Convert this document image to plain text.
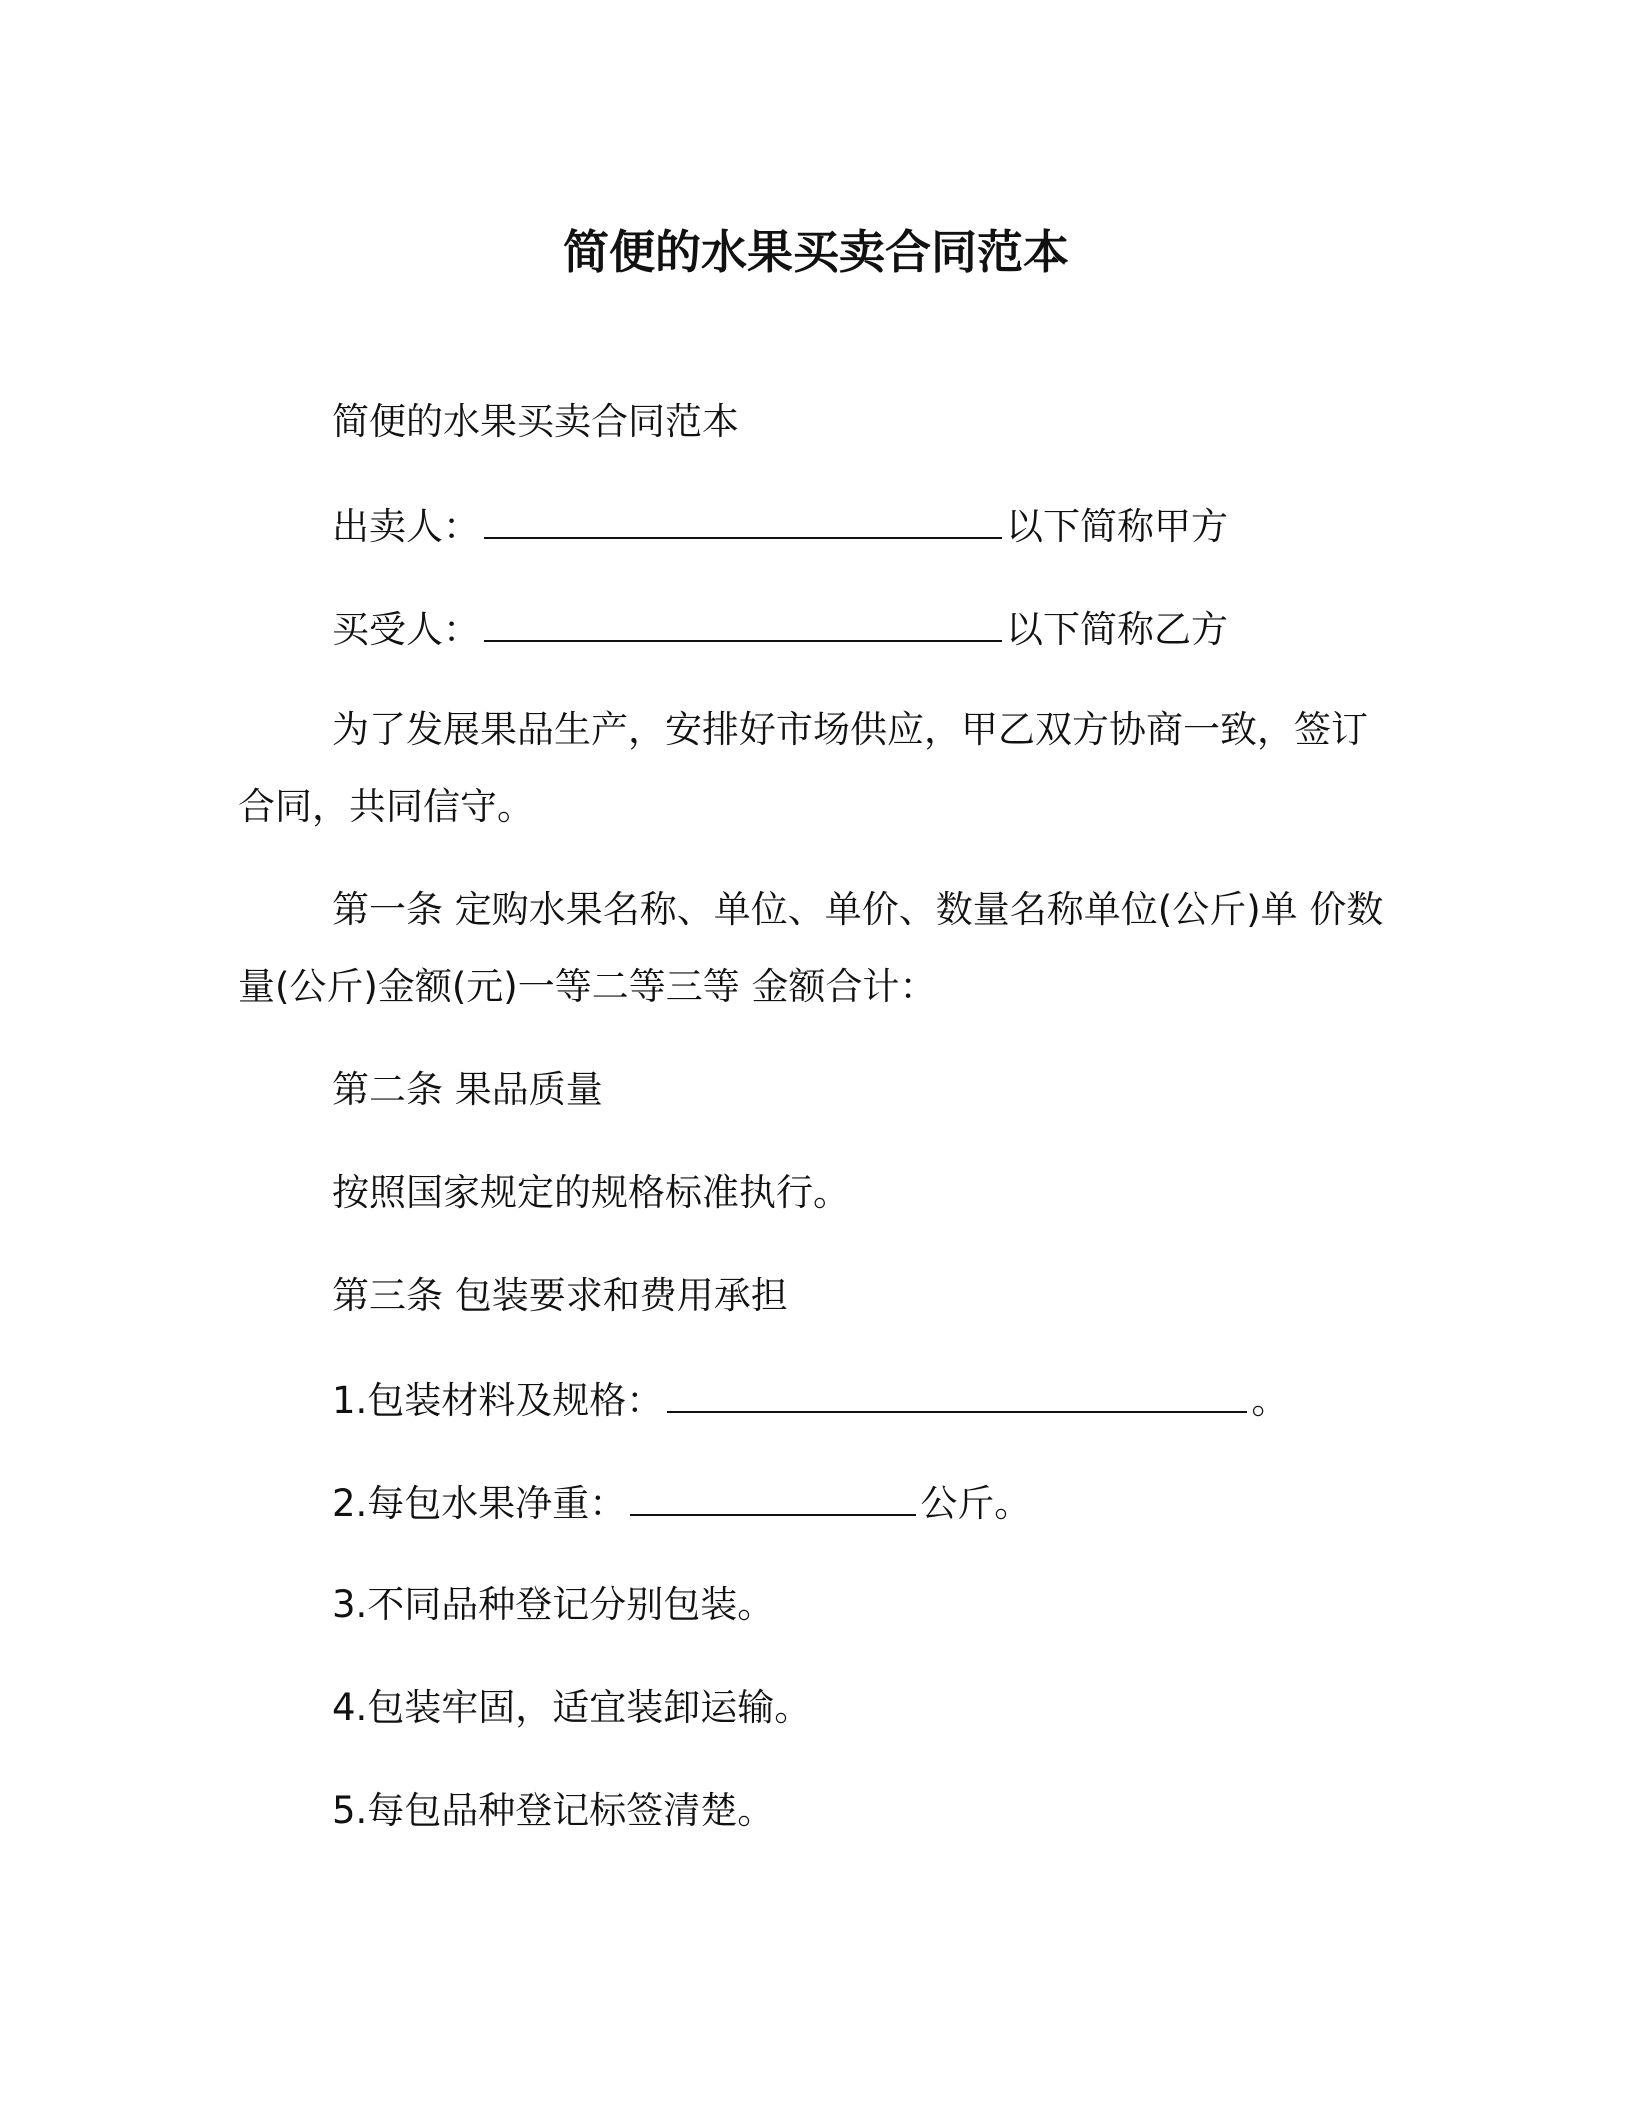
简便的水果买卖合同范本
简便的水果买卖合同范本
出卖人：	以下简称甲方
买受人：	以下简称乙方
为了发展果品生产，安排好市场供应，甲乙双方协商一致，签订
合同，共同信守。
第一条 定购水果名称、单位、单价、数量名称单位(公斤)单 价数
量(公斤)金额(元)一等二等三等 金额合计：
第二条 果品质量
按照国家规定的规格标准执行。
第三条 包装要求和费用承担
1.包装材料及规格：	。
2.每包水果净重：	公斤。
3.不同品种登记分别包装。
4.包装牢固，适宜装卸运输。
5.每包品种登记标签清楚。
